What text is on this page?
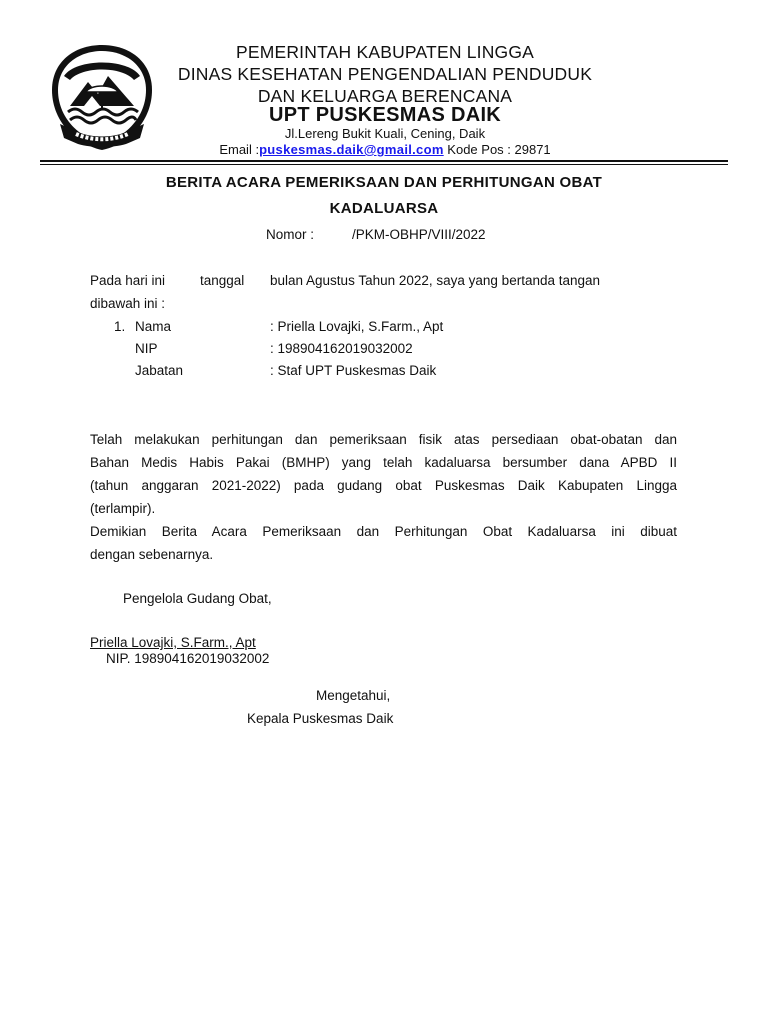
PEMERINTAH KABUPATEN LINGGA
DINAS KESEHATAN PENGENDALIAN PENDUDUK
DAN KELUARGA BERENCANA
UPT PUSKESMAS DAIK
Jl.Lereng Bukit Kuali, Cening, Daik
Email :puskesmas.daik@gmail.com Kode Pos : 29871
BERITA ACARA PEMERIKSAAN DAN PERHITUNGAN OBAT
KADALUARSA
Nomor :	/PKM-OBHP/VIII/2022
Pada hari ini	tanggal bulan Agustus Tahun 2022, saya yang bertanda tangan
dibawah ini :
1. Nama	: Priella Lovajki, S.Farm., Apt
NIP	: 198904162019032002
Jabatan	: Staf UPT Puskesmas Daik
Telah melakukan perhitungan dan pemeriksaan fisik atas persediaan obat-obatan dan
Bahan Medis Habis Pakai (BMHP) yang telah kadaluarsa bersumber dana APBD II
(tahun anggaran 2021-2022) pada gudang obat Puskesmas Daik Kabupaten Lingga
(terlampir).
Demikian Berita Acara Pemeriksaan dan Perhitungan Obat Kadaluarsa ini dibuat
dengan sebenarnya.
Pengelola Gudang Obat,
Priella Lovajki, S.Farm., Apt
NIP. 198904162019032002
Mengetahui,
Kepala Puskesmas Daik
